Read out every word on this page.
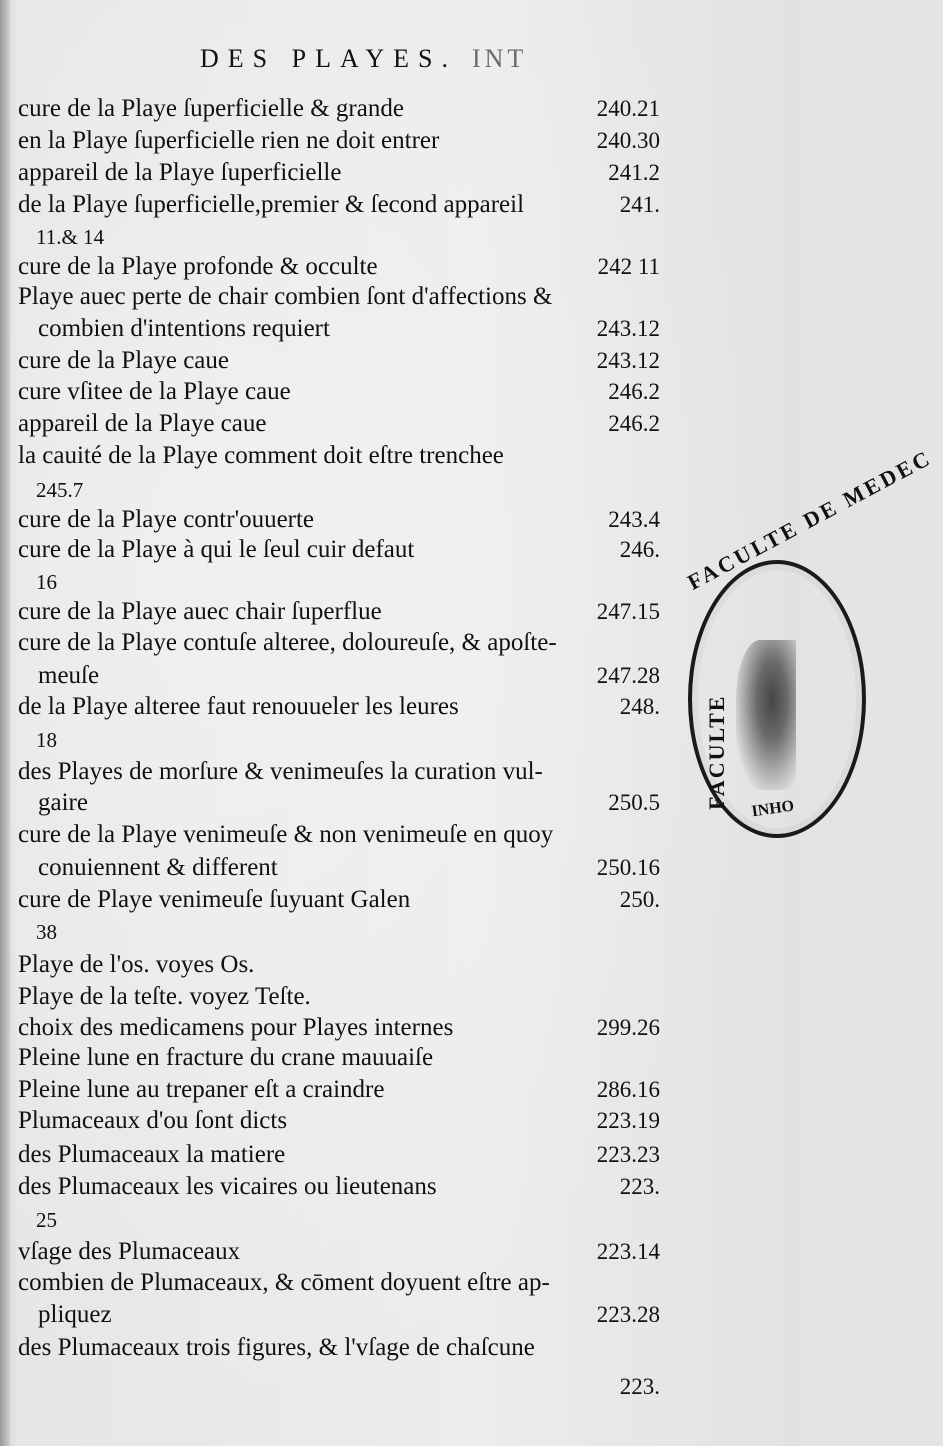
DES PLAYES. INT
cure de la Playe ſuperficielle & grande	240.21
en la Playe ſuperficielle rien ne doit entrer	240.30
appareil de la Playe ſuperficielle	241.2
de la Playe ſuperficielle,premier & ſecond appareil	241.
11.& 14
cure de la Playe profonde & occulte	242 11
Playe auec perte de chair combien ſont d'affections &
combien d'intentions requiert	243.12
cure de la Playe caue	243.12
cure vſitee de la Playe caue	246.2
appareil de la Playe caue	246.2
la cauité de la Playe comment doit eſtre trenchee
245.7
cure de la Playe contr'ouuerte	243.4
cure de la Playe à qui le ſeul cuir defaut	246.
16
cure de la Playe auec chair ſuperflue	247.15
cure de la Playe contuſe alteree, doloureuſe, & apoſte-
meuſe	247.28
de la Playe alteree faut renouueler les leures	248.
18
des Playes de morſure & venimeuſes la curation vul-
gaire	250.5
cure de la Playe venimeuſe & non venimeuſe en quoy
conuiennent & different	250.16
cure de Playe venimeuſe ſuyuant Galen	250.
38
Playe de l'os. voyes Os.
Playe de la teſte. voyez Teſte.
choix des medicamens pour Playes internes	299.26
Pleine lune en fracture du crane mauuaiſe
Pleine lune au trepaner eſt a craindre	286.16
Plumaceaux d'ou ſont dicts	223.19
des Plumaceaux la matiere	223.23
des Plumaceaux les vicaires ou lieutenans	223.
25
vſage des Plumaceaux	223.14
combien de Plumaceaux, & cōment doyuent eſtre ap-
pliquez	223.28
des Plumaceaux trois figures, & l'vſage de chaſcune
223.
FACULTE DE MEDEC
FACULTE	INHO
